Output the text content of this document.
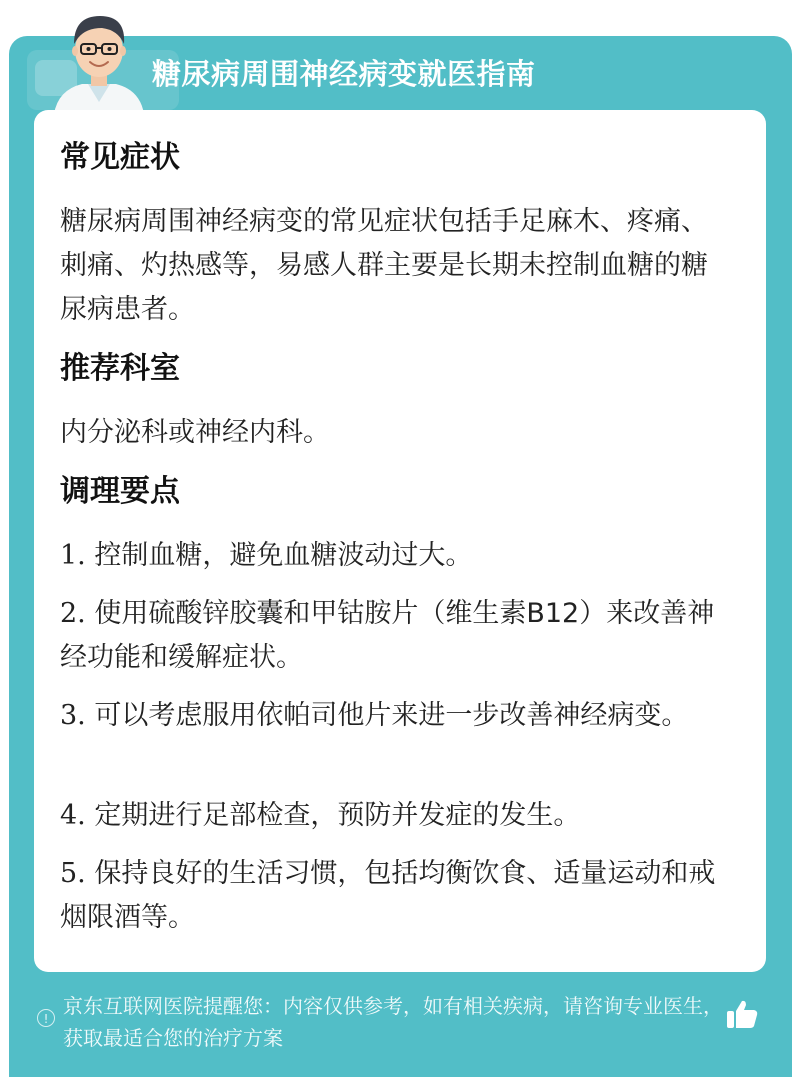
糖尿病周围神经病变就医指南
常见症状

糖尿病周围神经病变的常见症状包括手足麻木、疼痛、刺痛、灼热感等，易感人群主要是长期未控制血糖的糖尿病患者。

推荐科室

内分泌科或神经内科。

调理要点

1. 控制血糖，避免血糖波动过大。

2. 使用硫酸锌胶囊和甲钴胺片（维生素B12）来改善神经功能和缓解症状。

3. 可以考虑服用依帕司他片来进一步改善神经病变。

4. 定期进行足部检查，预防并发症的发生。

5. 保持良好的生活习惯，包括均衡饮食、适量运动和戒烟限酒等。

!
京东互联网医院提醒您：内容仅供参考，如有相关疾病，请咨询专业医生，获取最适合您的治疗方案
